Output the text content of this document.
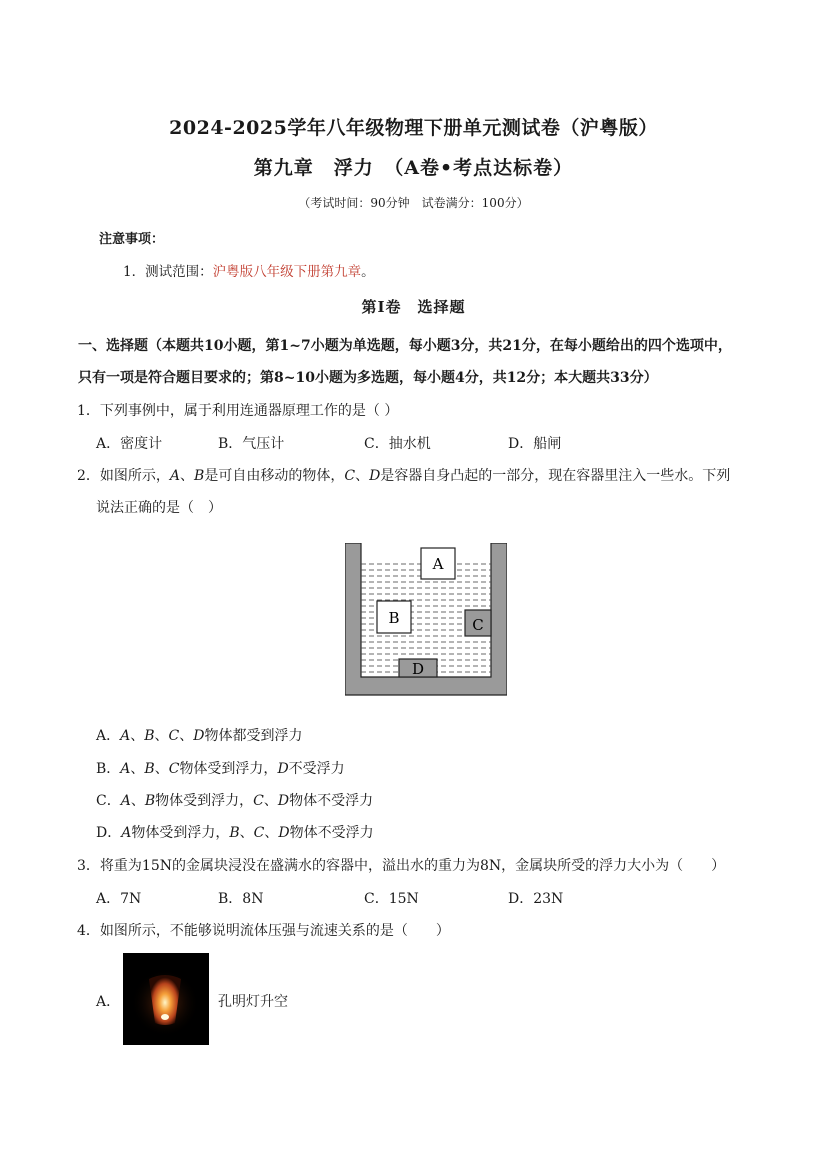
2024-2025学年八年级物理下册单元测试卷（沪粤版）
第九章　浮力　（A卷•考点达标卷）
（考试时间：90分钟　试卷满分：100分）
注意事项：
1．测试范围：沪粤版八年级下册第九章。
第Ⅰ卷　选择题
一、选择题（本题共10小题，第1~7小题为单选题，每小题3分，共21分，在每小题给出的四个选项中，
只有一项是符合题目要求的；第8~10小题为多选题，每小题4分，共12分；本大题共33分）
1．下列事例中，属于利用连通器原理工作的是（ ）
A．密度计	B．气压计	C．抽水机	D．船闸
2．如图所示，A、B是可自由移动的物体，C、D是容器自身凸起的一部分，现在容器里注入一些水。下列
说法正确的是（　）
A
B	C
D
A．A、B、C、D物体都受到浮力
B．A、B、C物体受到浮力，D不受浮力
C．A、B物体受到浮力，C、D物体不受浮力
D．A物体受到浮力，B、C、D物体不受浮力
3．将重为15N的金属块浸没在盛满水的容器中，溢出水的重力为8N，金属块所受的浮力大小为（　　）
A．7N	B．8N	C．15N	D．23N
4．如图所示，不能够说明流体压强与流速关系的是（　　）
A．	孔明灯升空
